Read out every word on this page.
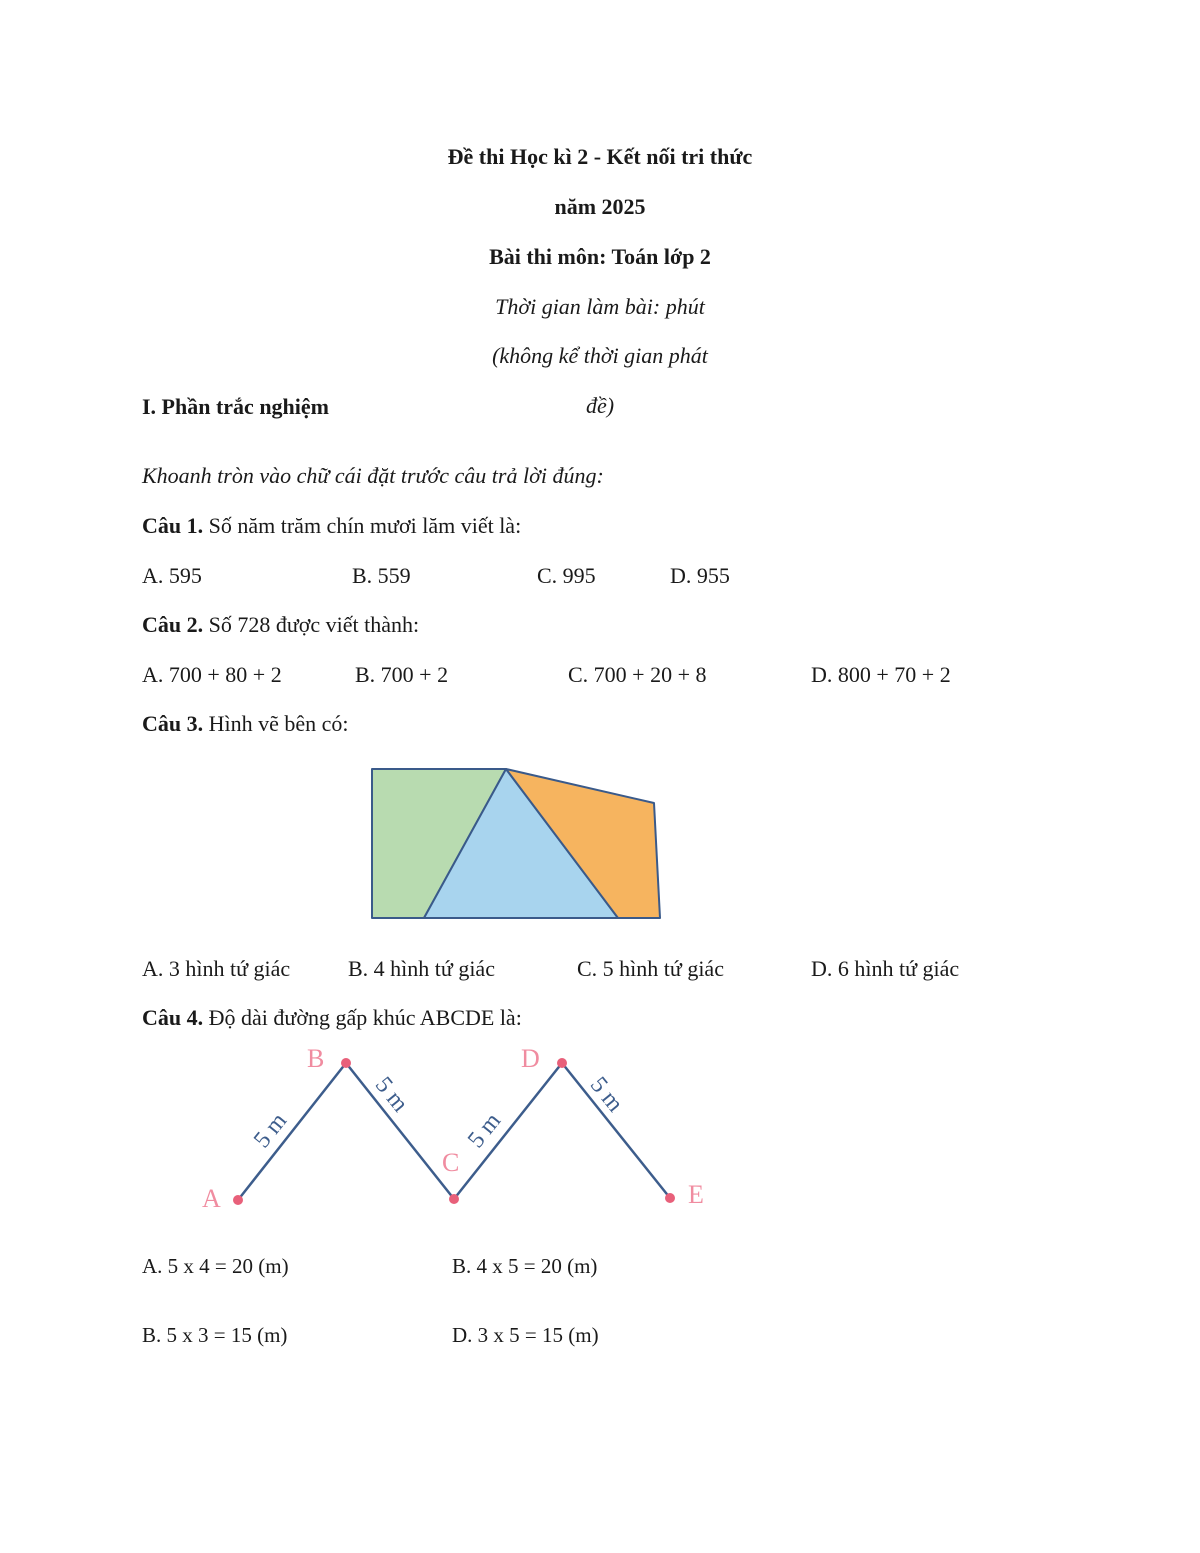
Đề thi Học kì 2 - Kết nối tri thức
năm 2025
Bài thi môn: Toán lớp 2
Thời gian làm bài: phút
(không kể thời gian phát
đề)
I. Phần trắc nghiệm
Khoanh tròn vào chữ cái đặt trước câu trả lời đúng:
Câu 1. Số năm trăm chín mươi lăm viết là:
A. 595	B. 559	C. 995	D. 955
Câu 2. Số 728 được viết thành:
A. 700 + 80 + 2	B. 700 + 2	C. 700 + 20 + 8	D. 800 + 70 + 2
Câu 3. Hình vẽ bên có:
A. 3 hình tứ giác	B. 4 hình tứ giác	C. 5 hình tứ giác	D. 6 hình tứ giác
Câu 4. Độ dài đường gấp khúc ABCDE là:
A
B
C
D
E
5 m
5 m
5 m
5 m
A. 5 x 4 = 20 (m)	B. 4 x 5 = 20 (m)
B. 5 x 3 = 15 (m)	D. 3 x 5 = 15 (m)
